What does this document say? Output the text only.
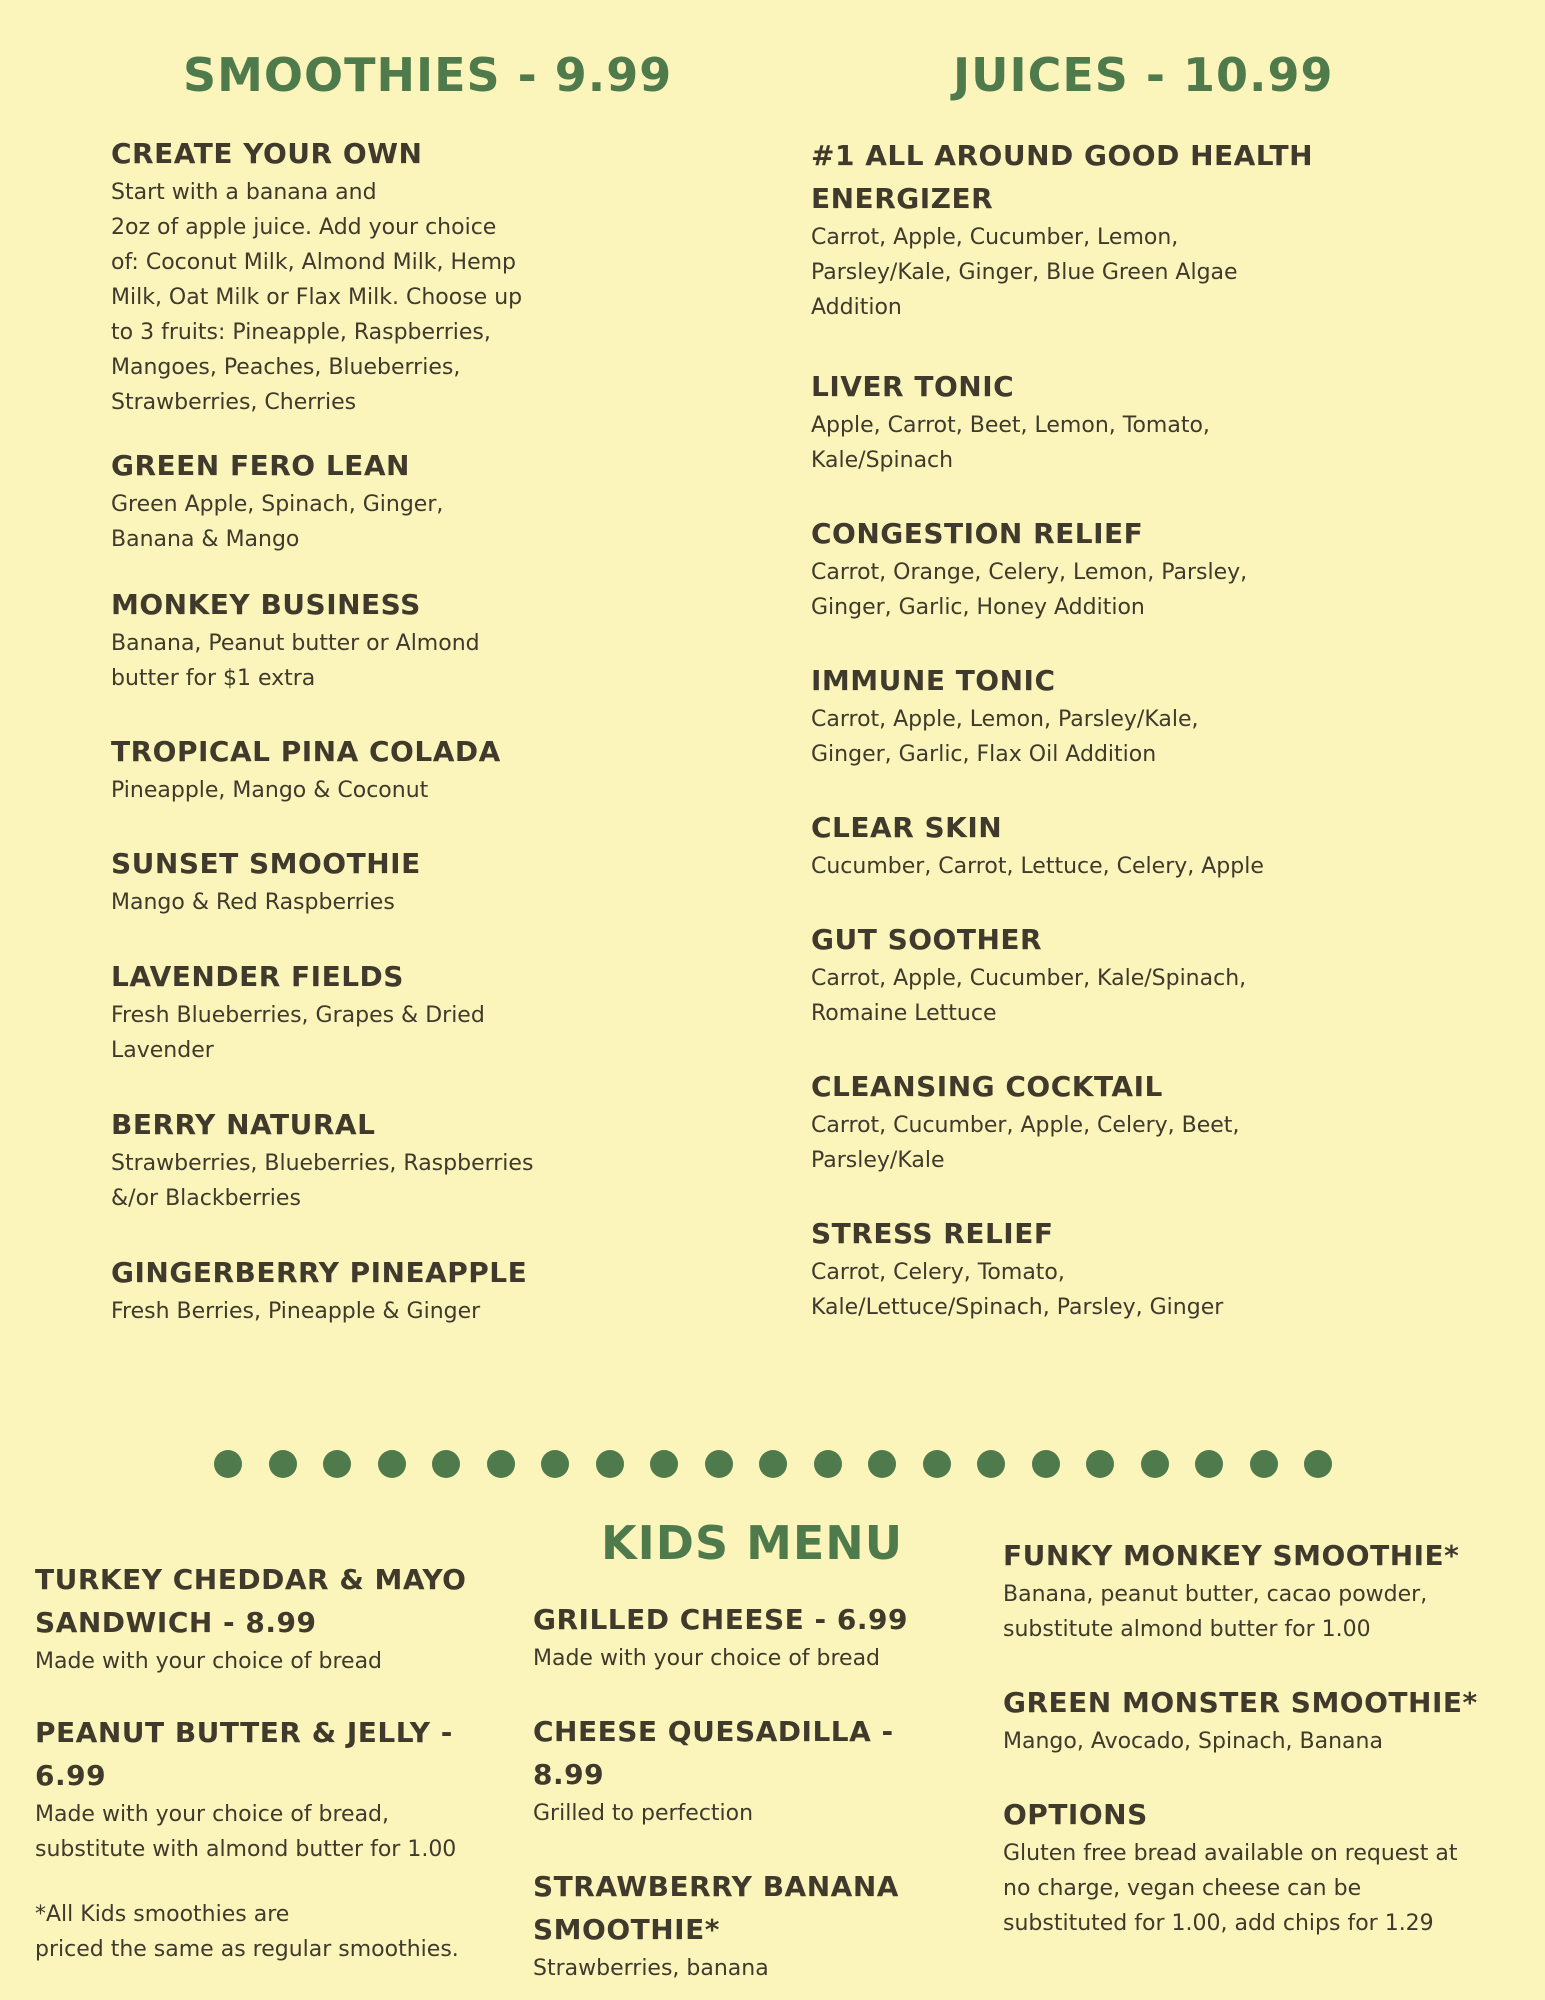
SMOOTHIES - 9.99	JUICES - 10.99
CREATE YOUR OWN
Start with a banana and
2oz of apple juice. Add your choice
of: Coconut Milk, Almond Milk, Hemp
Milk, Oat Milk or Flax Milk. Choose up
to 3 fruits: Pineapple, Raspberries,
Mangoes, Peaches, Blueberries,
Strawberries, Cherries
GREEN FERO LEAN
Green Apple, Spinach, Ginger,
Banana & Mango
MONKEY BUSINESS
Banana, Peanut butter or Almond
butter for $1 extra
TROPICAL PINA COLADA
Pineapple, Mango & Coconut
SUNSET SMOOTHIE
Mango & Red Raspberries
LAVENDER FIELDS
Fresh Blueberries, Grapes & Dried
Lavender
BERRY NATURAL
Strawberries, Blueberries, Raspberries
&/or Blackberries
GINGERBERRY PINEAPPLE
Fresh Berries, Pineapple & Ginger
#1 ALL AROUND GOOD HEALTH
ENERGIZER
Carrot, Apple, Cucumber, Lemon,
Parsley/Kale, Ginger, Blue Green Algae
Addition
LIVER TONIC
Apple, Carrot, Beet, Lemon, Tomato,
Kale/Spinach
CONGESTION RELIEF
Carrot, Orange, Celery, Lemon, Parsley,
Ginger, Garlic, Honey Addition
IMMUNE TONIC
Carrot, Apple, Lemon, Parsley/Kale,
Ginger, Garlic, Flax Oil Addition
CLEAR SKIN
Cucumber, Carrot, Lettuce, Celery, Apple
GUT SOOTHER
Carrot, Apple, Cucumber, Kale/Spinach,
Romaine Lettuce
CLEANSING COCKTAIL
Carrot, Cucumber, Apple, Celery, Beet,
Parsley/Kale
STRESS RELIEF
Carrot, Celery, Tomato,
Kale/Lettuce/Spinach, Parsley, Ginger
KIDS MENU
TURKEY CHEDDAR & MAYO
SANDWICH - 8.99
Made with your choice of bread
PEANUT BUTTER & JELLY - 6.99
Made with your choice of bread,
substitute with almond butter for 1.00
*All Kids smoothies are
priced the same as regular smoothies.
GRILLED CHEESE - 6.99
Made with your choice of bread
CHEESE QUESADILLA - 8.99
Grilled to perfection
STRAWBERRY BANANA
SMOOTHIE*
Strawberries, banana
FUNKY MONKEY SMOOTHIE*
Banana, peanut butter, cacao powder,
substitute almond butter for 1.00
GREEN MONSTER SMOOTHIE*
Mango, Avocado, Spinach, Banana
OPTIONS
Gluten free bread available on request at
no charge, vegan cheese can be
substituted for 1.00, add chips for 1.29
